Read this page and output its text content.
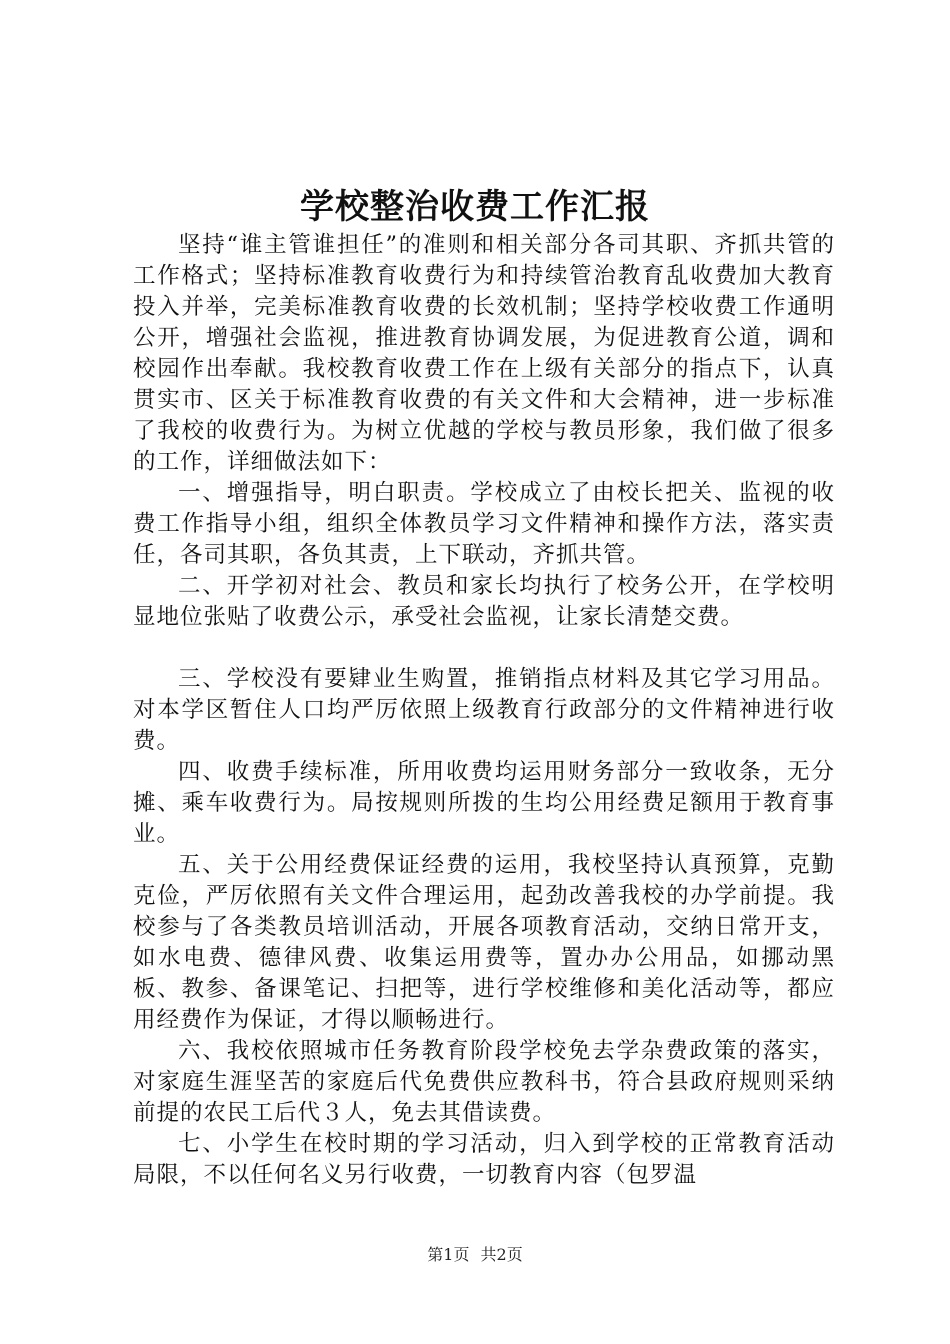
学校整治收费工作汇报

坚持“谁主管谁担任”的准则和相关部分各司其职、齐抓共管的工作格式；坚持标准教育收费行为和持续管治教育乱收费加大教育投入并举，完美标准教育收费的长效机制；坚持学校收费工作通明公开，增强社会监视，推进教育协调发展，为促进教育公道，调和校园作出奉献。我校教育收费工作在上级有关部分的指点下，认真贯实市、区关于标准教育收费的有关文件和大会精神，进一步标准了我校的收费行为。为树立优越的学校与教员形象，我们做了很多的工作，详细做法如下：

一、增强指导，明白职责。学校成立了由校长把关、监视的收费工作指导小组，组织全体教员学习文件精神和操作方法，落实责任，各司其职，各负其责，上下联动，齐抓共管。

二、开学初对社会、教员和家长均执行了校务公开，在学校明显地位张贴了收费公示，承受社会监视，让家长清楚交费。

三、学校没有要肄业生购置，推销指点材料及其它学习用品。对本学区暂住人口均严厉依照上级教育行政部分的文件精神进行收费。

四、收费手续标准，所用收费均运用财务部分一致收条，无分摊、乘车收费行为。局按规则所拨的生均公用经费足额用于教育事业。

五、关于公用经费保证经费的运用，我校坚持认真预算，克勤克俭，严厉依照有关文件合理运用，起劲改善我校的办学前提。我校参与了各类教员培训活动，开展各项教育活动，交纳日常开支，如水电费、德律风费、收集运用费等，置办办公用品，如挪动黑板、教参、备课笔记、扫把等，进行学校维修和美化活动等，都应用经费作为保证，才得以顺畅进行。

六、我校依照城市任务教育阶段学校免去学杂费政策的落实，对家庭生涯坚苦的家庭后代免费供应教科书，符合县政府规则采纳前提的农民工后代３人，免去其借读费。

七、小学生在校时期的学习活动，归入到学校的正常教育活动局限，不以任何名义另行收费，一切教育内容（包罗温

第1页 共2页
